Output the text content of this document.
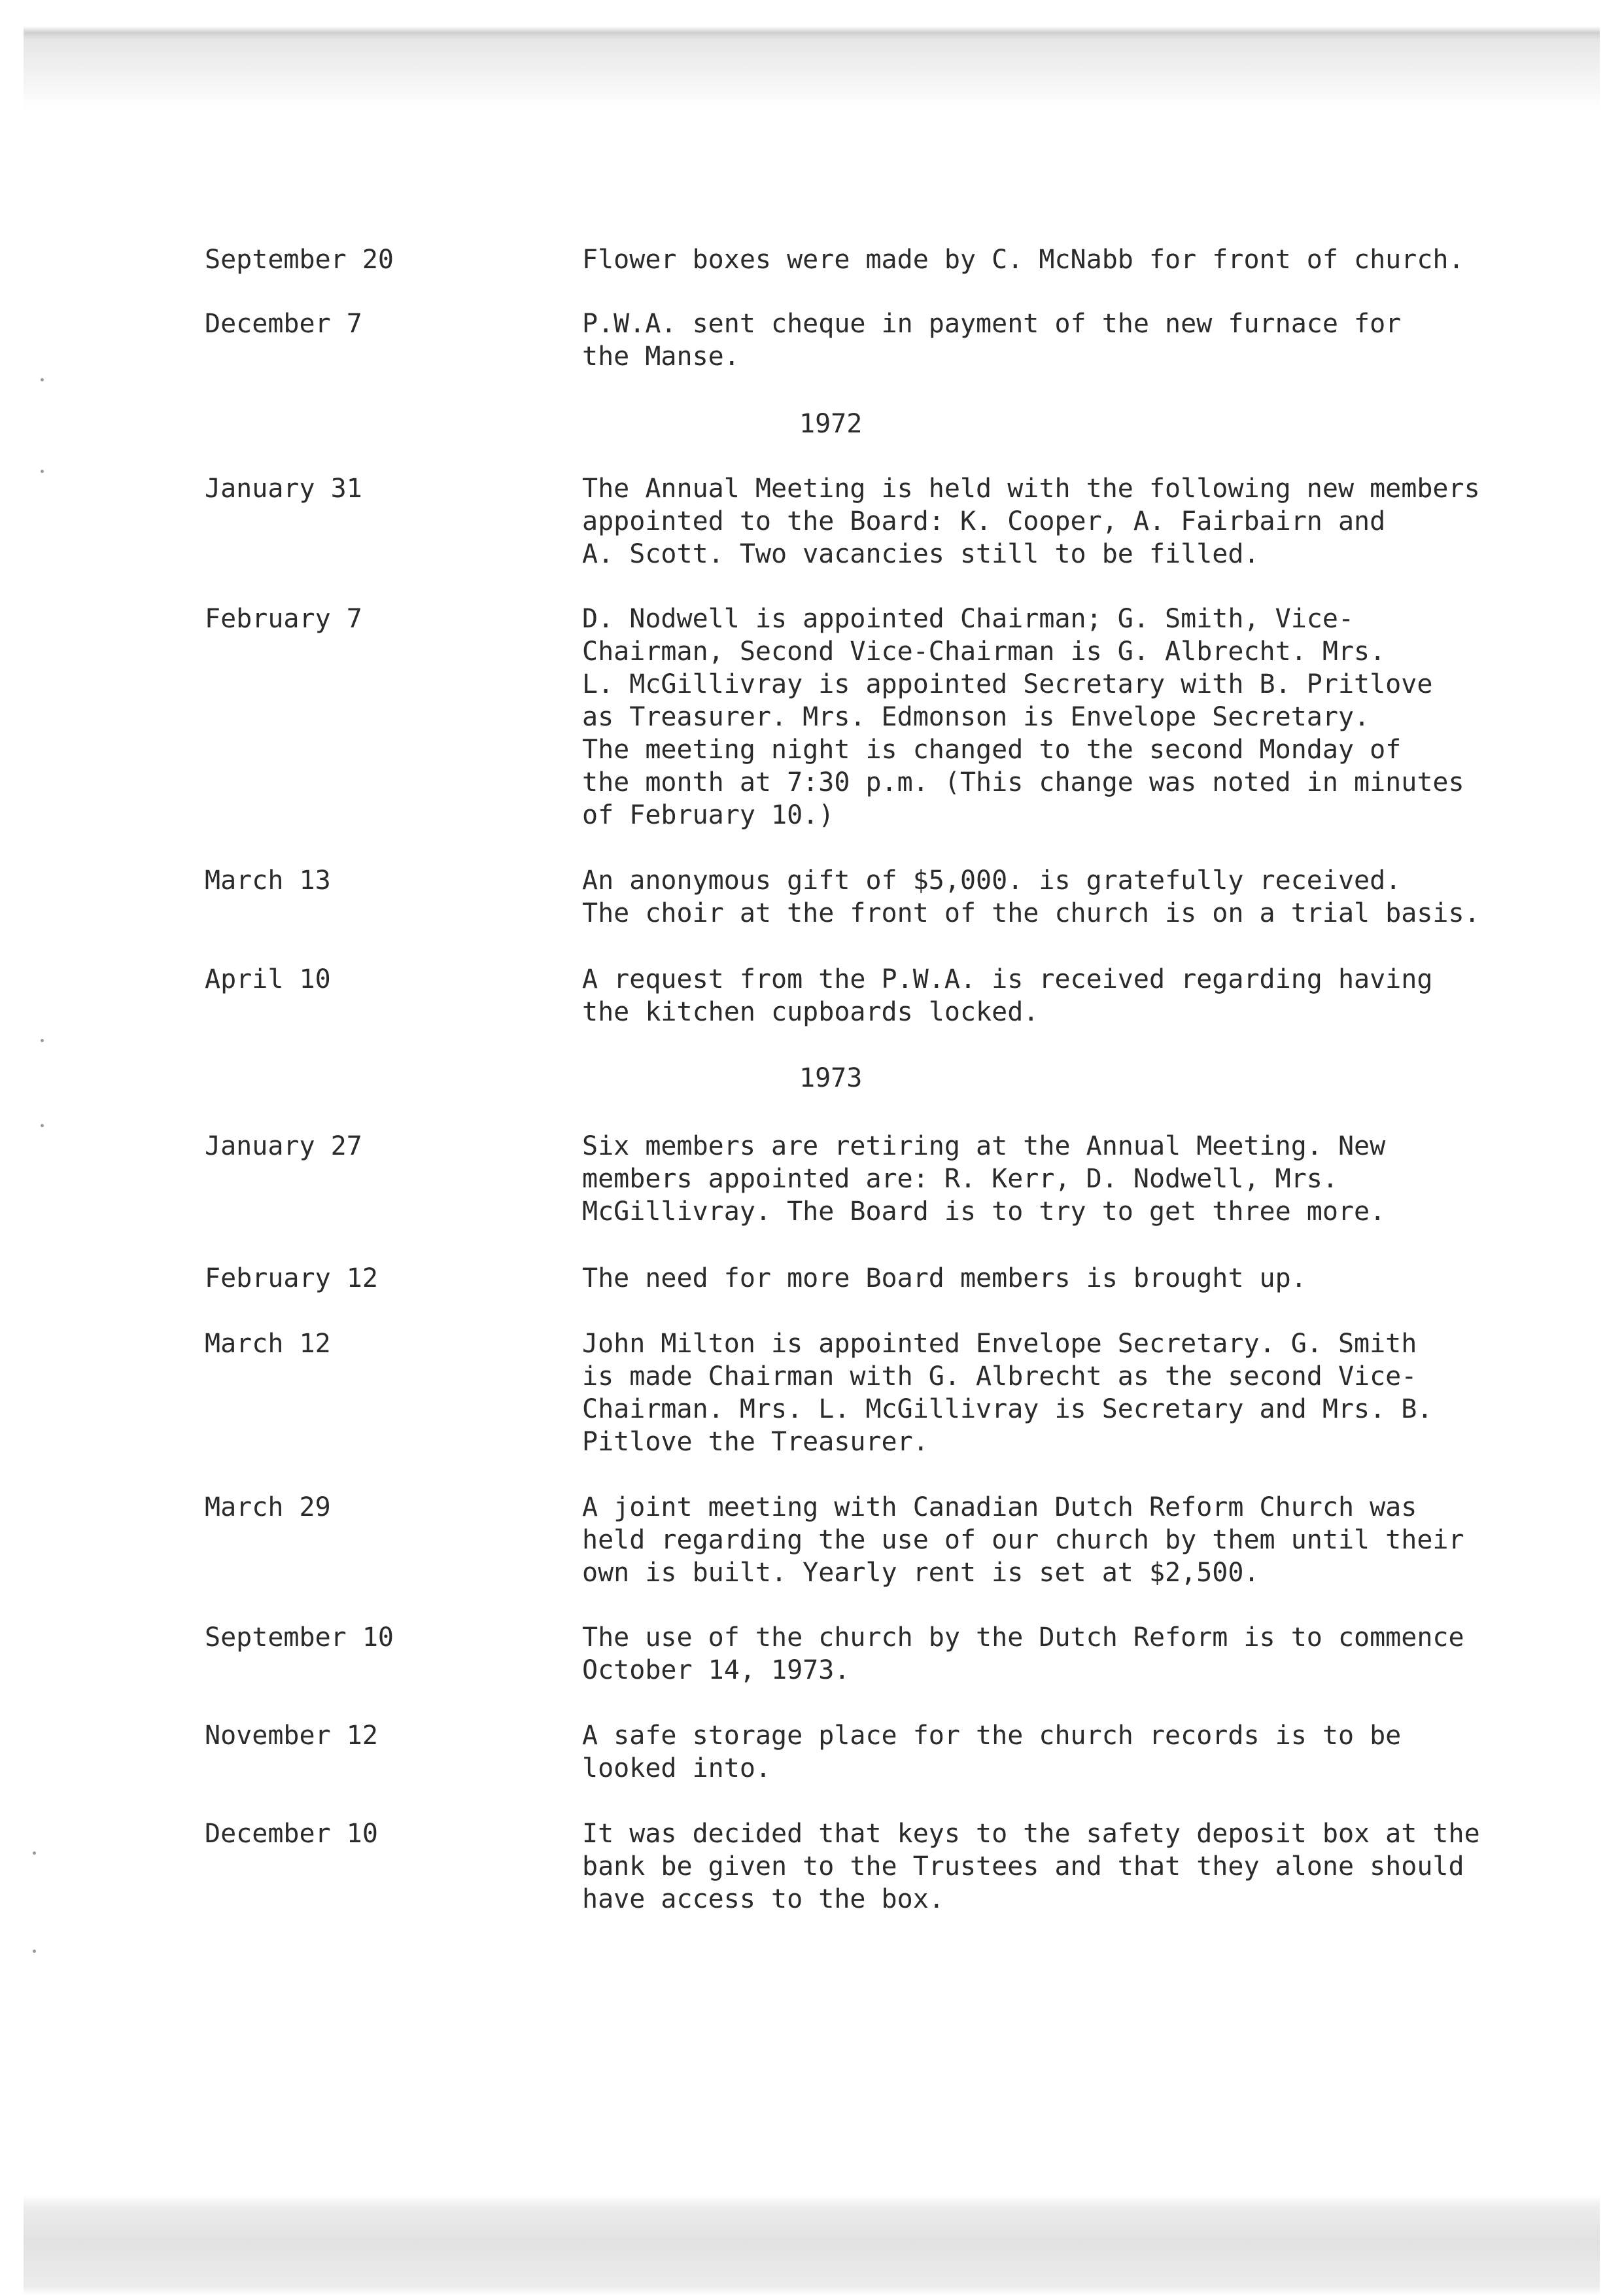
September 20	Flower boxes were made by C. McNabb for front of church.
December 7	P.W.A. sent cheque in payment of the new furnace for
the Manse.
1972
January 31	The Annual Meeting is held with the following new members
appointed to the Board: K. Cooper, A. Fairbairn and
A. Scott. Two vacancies still to be filled.
February 7	D. Nodwell is appointed Chairman; G. Smith, Vice-
Chairman, Second Vice-Chairman is G. Albrecht. Mrs.
L. McGillivray is appointed Secretary with B. Pritlove
as Treasurer. Mrs. Edmonson is Envelope Secretary.
The meeting night is changed to the second Monday of
the month at 7:30 p.m. (This change was noted in minutes
of February 10.)
March 13	An anonymous gift of $5,000. is gratefully received.
The choir at the front of the church is on a trial basis.
April 10	A request from the P.W.A. is received regarding having
the kitchen cupboards locked.
1973
January 27	Six members are retiring at the Annual Meeting. New
members appointed are: R. Kerr, D. Nodwell, Mrs.
McGillivray. The Board is to try to get three more.
February 12	The need for more Board members is brought up.
March 12	John Milton is appointed Envelope Secretary. G. Smith
is made Chairman with G. Albrecht as the second Vice-
Chairman. Mrs. L. McGillivray is Secretary and Mrs. B.
Pitlove the Treasurer.
March 29	A joint meeting with Canadian Dutch Reform Church was
held regarding the use of our church by them until their
own is built. Yearly rent is set at $2,500.
September 10	The use of the church by the Dutch Reform is to commence
October 14, 1973.
November 12	A safe storage place for the church records is to be
looked into.
December 10	It was decided that keys to the safety deposit box at the
bank be given to the Trustees and that they alone should
have access to the box.
